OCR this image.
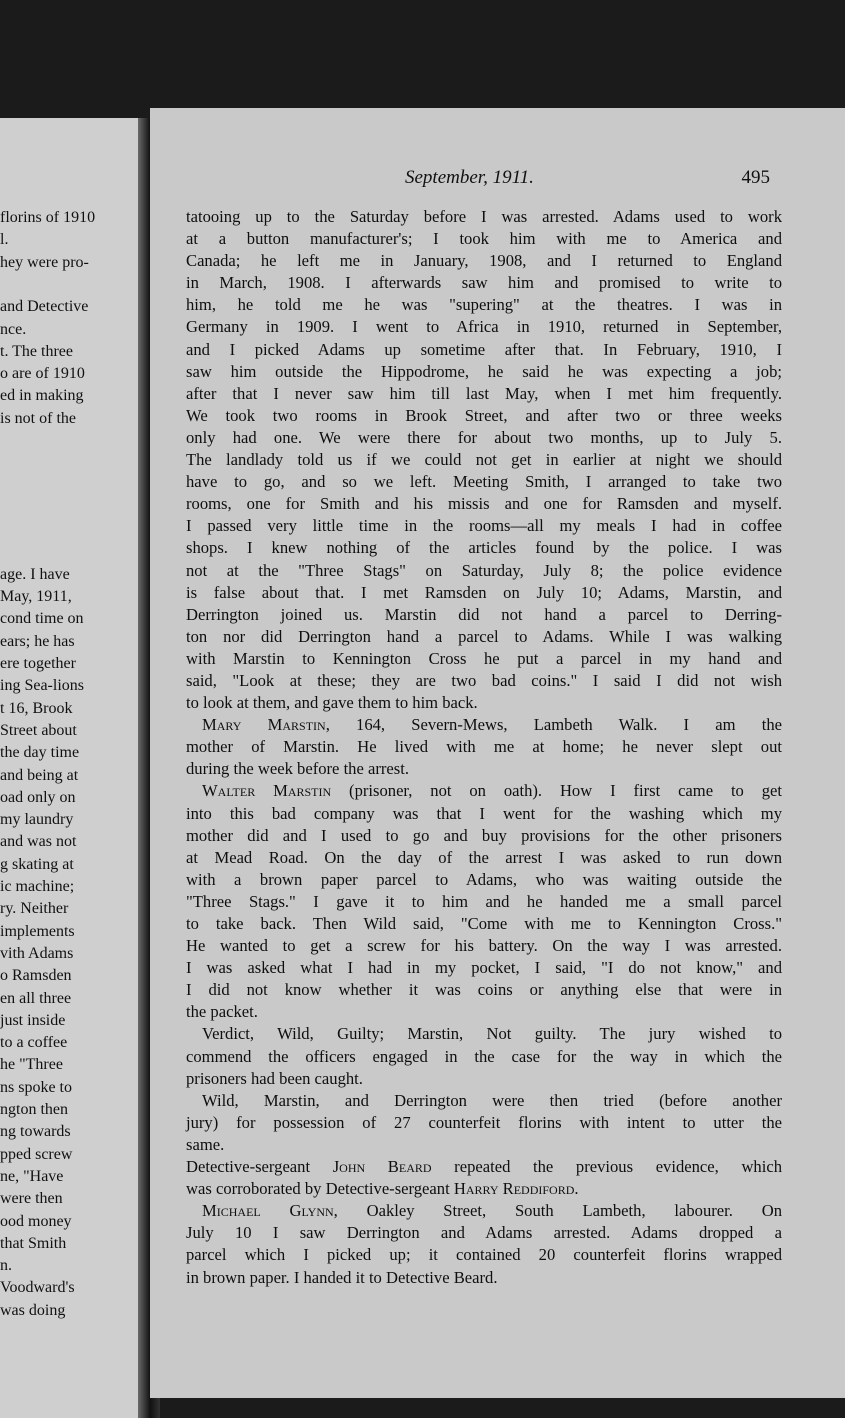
florins of 1910
l.
hey were pro-
and Detective
nce.
t. The three
o are of 1910
ed in making
is not of the
age. I have
May, 1911,
cond time on
ears; he has
ere together
ing Sea-lions
t 16, Brook
Street about
the day time
and being at
oad only on
my laundry
and was not
g skating at
ic machine;
ry. Neither
implements
vith Adams
o Ramsden
en all three
just inside
to a coffee
he "Three
ns spoke to
ngton then
ng towards
pped screw
ne, "Have
were then
ood money
that Smith
n.
Voodward's
was doing
September, 1911.	495
tatooing up to the Saturday before I was arrested. Adams used to work
at a button manufacturer's; I took him with me to America and
Canada; he left me in January, 1908, and I returned to England
in March, 1908. I afterwards saw him and promised to write to
him, he told me he was "supering" at the theatres. I was in
Germany in 1909. I went to Africa in 1910, returned in September,
and I picked Adams up sometime after that. In February, 1910, I
saw him outside the Hippodrome, he said he was expecting a job;
after that I never saw him till last May, when I met him frequently.
We took two rooms in Brook Street, and after two or three weeks
only had one. We were there for about two months, up to July 5.
The landlady told us if we could not get in earlier at night we should
have to go, and so we left. Meeting Smith, I arranged to take two
rooms, one for Smith and his missis and one for Ramsden and myself.
I passed very little time in the rooms—all my meals I had in coffee
shops. I knew nothing of the articles found by the police. I was
not at the "Three Stags" on Saturday, July 8; the police evidence
is false about that. I met Ramsden on July 10; Adams, Marstin, and
Derrington joined us. Marstin did not hand a parcel to Derring-
ton nor did Derrington hand a parcel to Adams. While I was walking
with Marstin to Kennington Cross he put a parcel in my hand and
said, "Look at these; they are two bad coins." I said I did not wish
to look at them, and gave them to him back.
Mary Marstin, 164, Severn-Mews, Lambeth Walk. I am the
mother of Marstin. He lived with me at home; he never slept out
during the week before the arrest.
Walter Marstin (prisoner, not on oath). How I first came to get
into this bad company was that I went for the washing which my
mother did and I used to go and buy provisions for the other prisoners
at Mead Road. On the day of the arrest I was asked to run down
with a brown paper parcel to Adams, who was waiting outside the
"Three Stags." I gave it to him and he handed me a small parcel
to take back. Then Wild said, "Come with me to Kennington Cross."
He wanted to get a screw for his battery. On the way I was arrested.
I was asked what I had in my pocket, I said, "I do not know," and
I did not know whether it was coins or anything else that were in
the packet.
Verdict, Wild, Guilty; Marstin, Not guilty. The jury wished to
commend the officers engaged in the case for the way in which the
prisoners had been caught.
Wild, Marstin, and Derrington were then tried (before another
jury) for possession of 27 counterfeit florins with intent to utter the
same.
Detective-sergeant John Beard repeated the previous evidence, which
was corroborated by Detective-sergeant Harry Reddiford.
Michael Glynn, Oakley Street, South Lambeth, labourer. On
July 10 I saw Derrington and Adams arrested. Adams dropped a
parcel which I picked up; it contained 20 counterfeit florins wrapped
in brown paper. I handed it to Detective Beard.
